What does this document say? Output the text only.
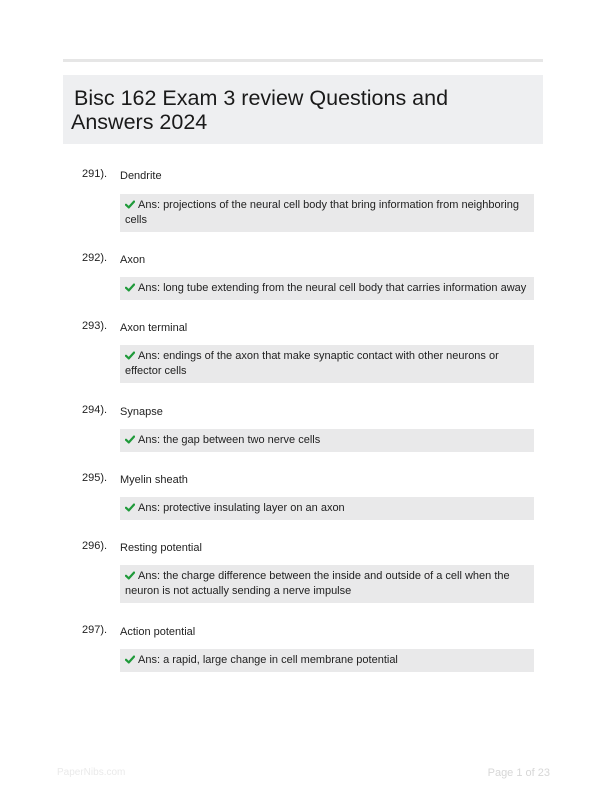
Bisc 162 Exam 3 review Questions and Answers 2024
291). Dendrite
Ans: projections of the neural cell body that bring information from neighboring cells
292). Axon
Ans: long tube extending from the neural cell body that carries information away
293). Axon terminal
Ans: endings of the axon that make synaptic contact with other neurons or effector cells
294). Synapse
Ans: the gap between two nerve cells
295). Myelin sheath
Ans: protective insulating layer on an axon
296). Resting potential
Ans: the charge difference between the inside and outside of a cell when the neuron is not actually sending a nerve impulse
297). Action potential
Ans: a rapid, large change in cell membrane potential
PaperNibs.com	Page 1 of 23
